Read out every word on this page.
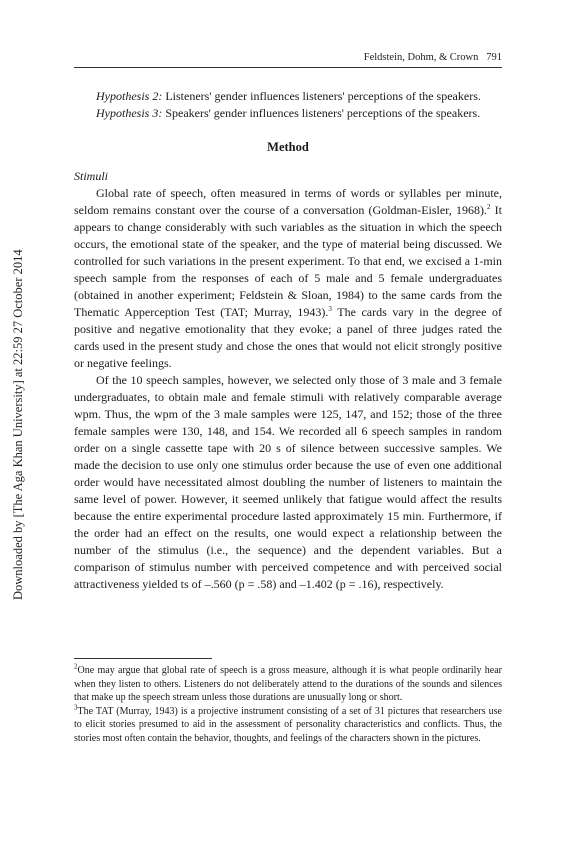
Downloaded by [The Aga Khan University] at 22:59 27 October 2014
Feldstein, Dohm, & Crown 791

Hypothesis 2: Listeners' gender influences listeners' perceptions of the speakers.

Hypothesis 3: Speakers' gender influences listeners' perceptions of the speakers.

Method

Stimuli

Global rate of speech, often measured in terms of words or syllables per minute, seldom remains constant over the course of a conversation (Goldman-Eisler, 1968).$^2$ It appears to change considerably with such variables as the situation in which the speech occurs, the emotional state of the speaker, and the type of material being discussed. We controlled for such variations in the present experiment. To that end, we excised a 1-min speech sample from the responses of each of 5 male and 5 female undergraduates (obtained in another experiment; Feldstein & Sloan, 1984) to the same cards from the Thematic Apperception Test (TAT; Murray, 1943).$^3$ The cards vary in the degree of positive and negative emotionality that they evoke; a panel of three judges rated the cards used in the present study and chose the ones that would not elicit strongly positive or negative feelings.

Of the 10 speech samples, however, we selected only those of 3 male and 3 female undergraduates, to obtain male and female stimuli with relatively comparable average wpm. Thus, the wpm of the 3 male samples were 125, 147, and 152; those of the three female samples were 130, 148, and 154. We recorded all 6 speech samples in random order on a single cassette tape with 20 s of silence between successive samples. We made the decision to use only one stimulus order because the use of even one additional order would have necessitated almost doubling the number of listeners to maintain the same level of power. However, it seemed unlikely that fatigue would affect the results because the entire experimental procedure lasted approximately 15 min. Furthermore, if the order had an effect on the results, one would expect a relationship between the number of the stimulus (i.e., the sequence) and the dependent variables. But a comparison of stimulus number with perceived competence and with perceived social attractiveness yielded ts of –.560 (p = .58) and –1.402 (p = .16), respectively.

$^2$One may argue that global rate of speech is a gross measure, although it is what people ordinarily hear when they listen to others. Listeners do not deliberately attend to the durations of the sounds and silences that make up the speech stream unless those durations are unusually long or short.

$^3$The TAT (Murray, 1943) is a projective instrument consisting of a set of 31 pictures that researchers use to elicit stories presumed to aid in the assessment of personality characteristics and conflicts. Thus, the stories most often contain the behavior, thoughts, and feelings of the characters shown in the pictures.
